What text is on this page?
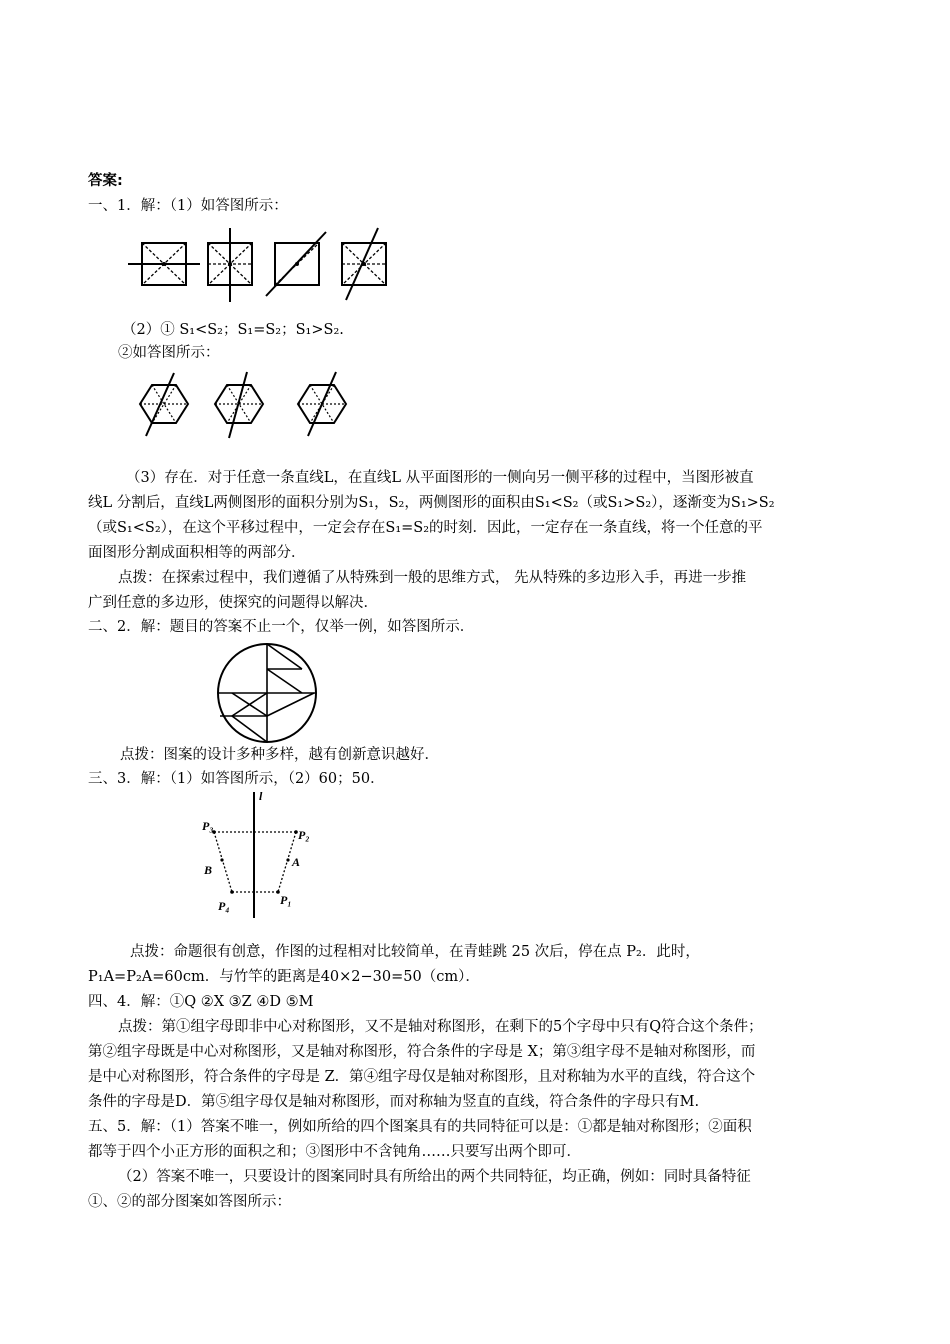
答案:
一、1．解：（1）如答图所示：
（2）① S₁<S₂；S₁=S₂；S₁>S₂.
②如答图所示：
（3）存在．对于任意一条直线L，在直线L 从平面图形的一侧向另一侧平移的过程中，当图形被直
线L 分割后，直线L两侧图形的面积分别为S₁，S₂，两侧图形的面积由S₁<S₂（或S₁>S₂），逐渐变为S₁>S₂
（或S₁<S₂），在这个平移过程中，一定会存在S₁=S₂的时刻．因此，一定存在一条直线，将一个任意的平
面图形分割成面积相等的两部分．
点拨：在探索过程中，我们遵循了从特殊到一般的思维方式， 先从特殊的多边形入手，再进一步推
广到任意的多边形，使探究的问题得以解决．
二、2．解：题目的答案不止一个，仅举一例，如答图所示．
点拨：图案的设计多种多样，越有创新意识越好．
三、3．解：（1）如答图所示，（2）60；50．
l
P₃
P₂
B
A
P₄	P₁
点拨：命题很有创意，作图的过程相对比较简单，在青蛙跳 25 次后，停在点 P₂．此时，
P₁A=P₂A=60cm．与竹竿的距离是40×2−30=50（cm）．
四、4．解：①Q ②X ③Z ④D ⑤M
点拨：第①组字母即非中心对称图形，又不是轴对称图形，在剩下的5个字母中只有Q符合这个条件；
第②组字母既是中心对称图形，又是轴对称图形，符合条件的字母是 X；第③组字母不是轴对称图形，而
是中心对称图形，符合条件的字母是 Z．第④组字母仅是轴对称图形，且对称轴为水平的直线，符合这个
条件的字母是D．第⑤组字母仅是轴对称图形，而对称轴为竖直的直线，符合条件的字母只有M.
五、5．解：（1）答案不唯一，例如所给的四个图案具有的共同特征可以是：①都是轴对称图形；②面积
都等于四个小正方形的面积之和；③图形中不含钝角……只要写出两个即可．
（2）答案不唯一，只要设计的图案同时具有所给出的两个共同特征，均正确，例如：同时具备特征
①、②的部分图案如答图所示：
